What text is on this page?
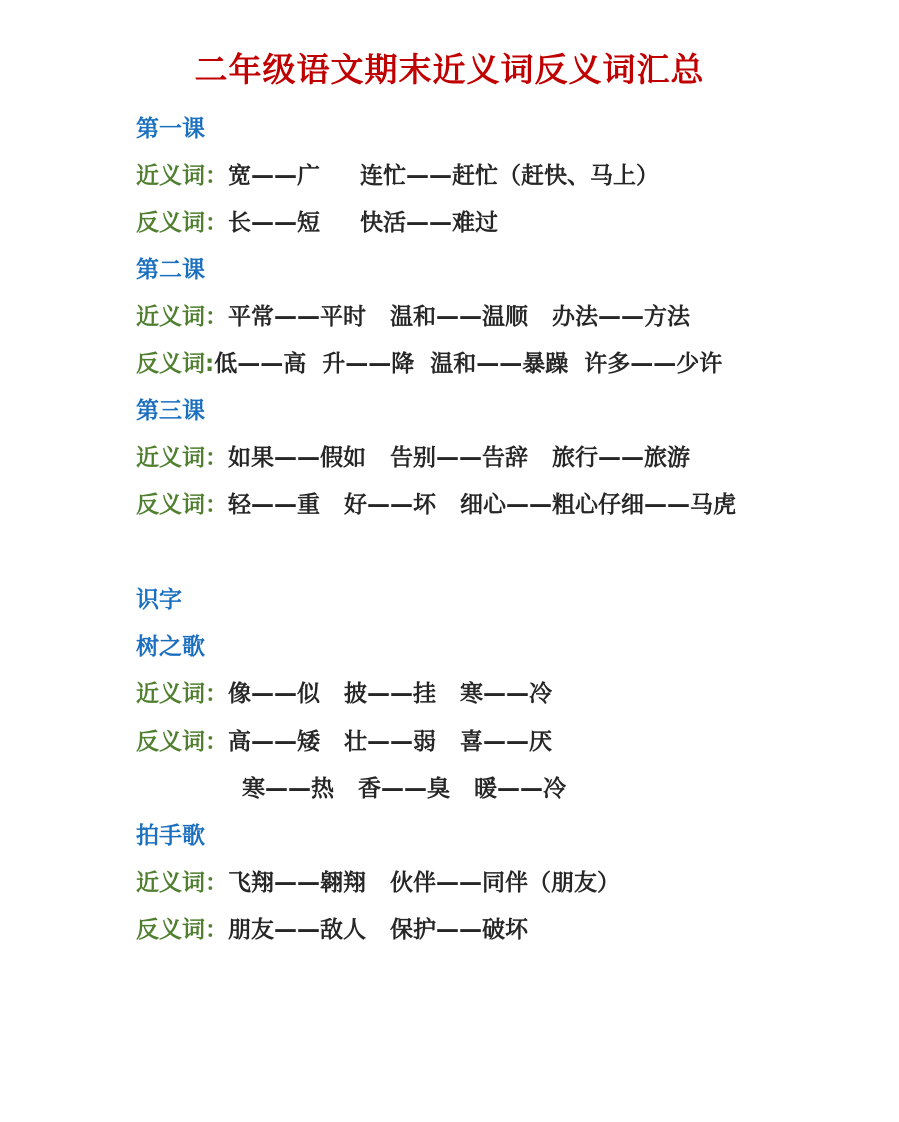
二年级语文期末近义词反义词汇总
第一课
近义词：宽——广     连忙——赶忙（赶快、马上）
反义词：长——短     快活——难过
第二课
近义词：平常——平时   温和——温顺   办法——方法
反义词:低——高  升——降  温和——暴躁  许多——少许
第三课
近义词：如果——假如   告别——告辞   旅行——旅游
反义词：轻——重   好——坏   细心——粗心仔细——马虎
识字
树之歌
近义词：像——似   披——挂   寒——冷
反义词：高——矮   壮——弱   喜——厌
寒——热   香——臭   暖——冷
拍手歌
近义词：飞翔——翱翔   伙伴——同伴（朋友）
反义词：朋友——敌人   保护——破坏
